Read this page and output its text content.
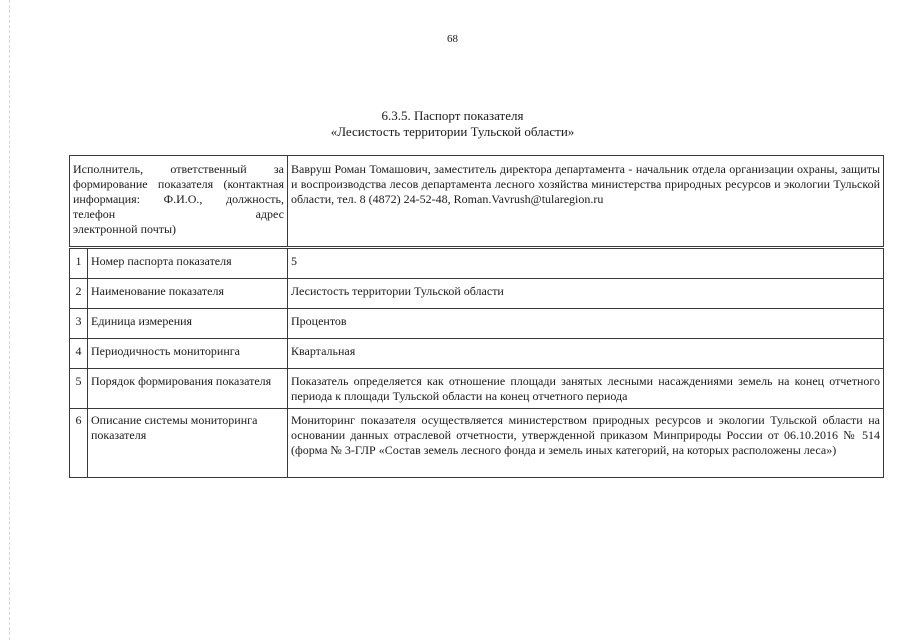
68
6.3.5. Паспорт показателя
«Лесистость территории Тульской области»
Исполнитель, ответственный за формирование показателя (контактная информация: Ф.И.О., должность, телефон адрес
электронной почты)
	Вавруш Роман Томашович, заместитель директора департамента - начальник отдела организации охраны, защиты и воспроизводства лесов департамента лесного хозяйства министерства природных ресурсов и экологии Тульской области, тел. 8 (4872) 24-52-48, Roman.Vavrush@tularegion.ru
1	Номер паспорта показателя	5
2	Наименование показателя	Лесистость территории Тульской области
3	Единица измерения	Процентов
4	Периодичность мониторинга	Квартальная
5	Порядок формирования показателя	Показатель определяется как отношение площади занятых лесными насаждениями земель на конец отчетного периода к площади Тульской области на конец отчетного периода
6	Описание системы мониторинга показателя	Мониторинг показателя осуществляется министерством природных ресурсов и экологии Тульской области на основании данных отраслевой отчетности, утвержденной приказом Минприроды России от 06.10.2016 № 514 (форма № 3-ГЛР «Состав земель лесного фонда и земель иных категорий, на которых расположены леса»)
